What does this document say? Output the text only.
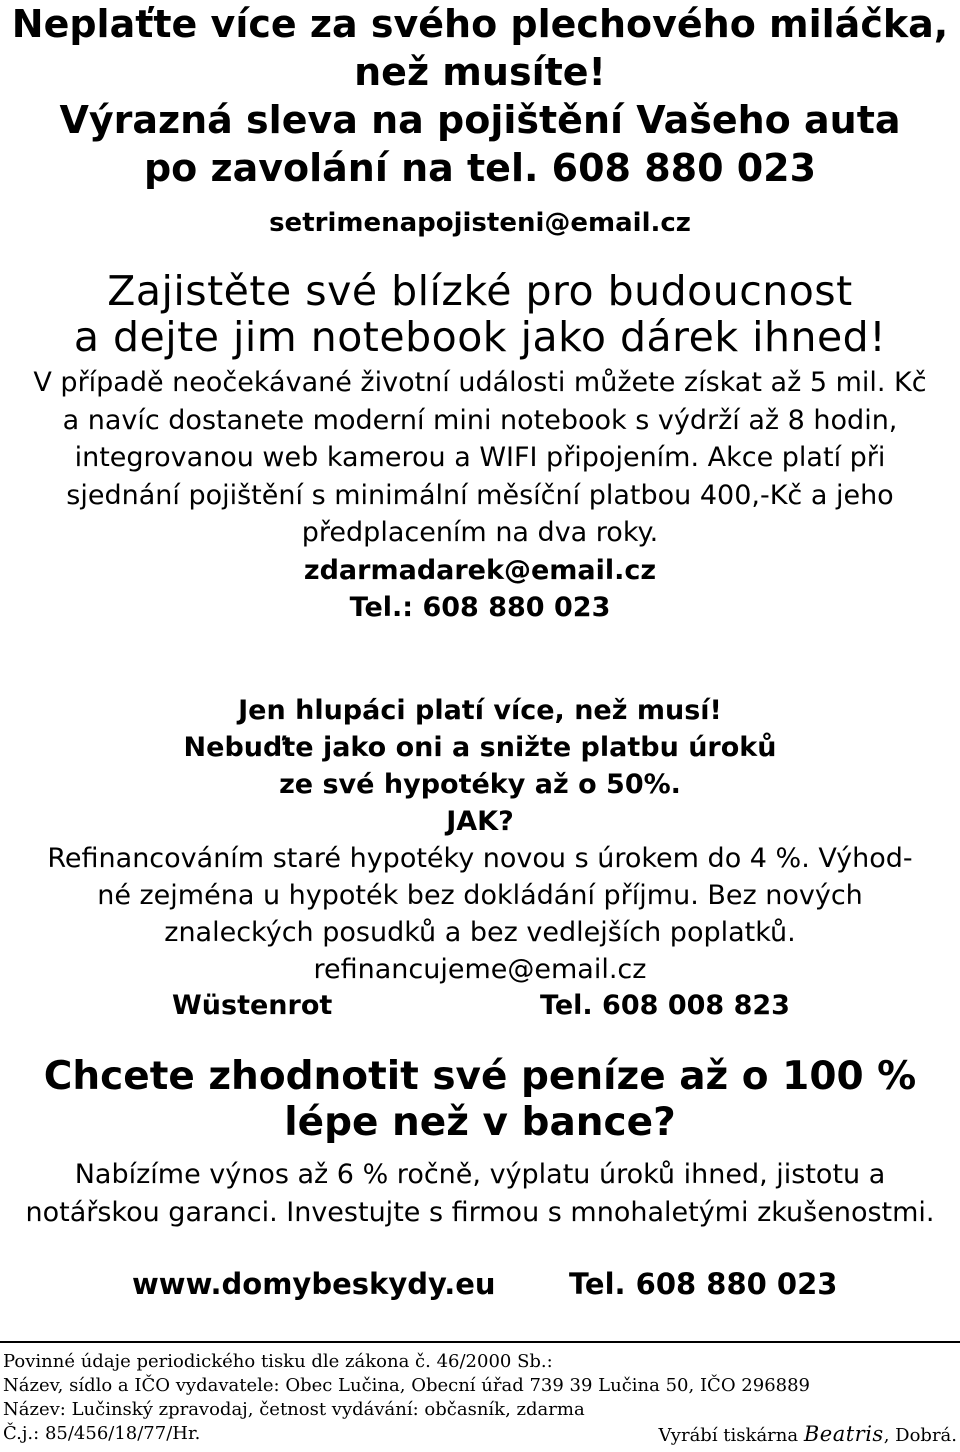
Neplaťte více za svého plechového miláčka,

než musíte!

Výrazná sleva na pojištění Vašeho auta

po zavolání na tel. 608 880 023

setrimenapojisteni@email.cz

Zajistěte své blízké pro budoucnost

a dejte jim notebook jako dárek ihned!

V případě neočekávané životní události můžete získat až 5 mil. Kč

a navíc dostanete moderní mini notebook s výdrží až 8 hodin,

integrovanou web kamerou a WIFI připojením. Akce platí při

sjednání pojištění s minimální měsíční platbou 400,-Kč a jeho

předplacením na dva roky.

zdarmadarek@email.cz

Tel.: 608 880 023

Jen hlupáci platí více, než musí!

Nebuďte jako oni a snižte platbu úroků

ze své hypotéky až o 50%.

JAK?

Refinancováním staré hypotéky novou s úrokem do 4 %. Výhod-

né zejména u hypoték bez dokládání příjmu. Bez nových

znaleckých posudků a bez vedlejších poplatků.

refinancujeme@email.cz

Wüstenrot	Tel. 608 008 823

Chcete zhodnotit své peníze až o 100 %

lépe než v bance?

Nabízíme výnos až 6 % ročně, výplatu úroků ihned, jistotu a

notářskou garanci. Investujte s firmou s mnohaletými zkušenostmi.

www.domybeskydy.eu	Tel. 608 880 023
Povinné údaje periodického tisku dle zákona č. 46/2000 Sb.:
Název, sídlo a IČO vydavatele: Obec Lučina, Obecní úřad 739 39 Lučina 50, IČO 296889
Název: Lučinský zpravodaj, četnost vydávání: občasník, zdarma
Č.j.: 85/456/18/77/Hr.	Vyrábí tiskárna Beatris, Dobrá.
